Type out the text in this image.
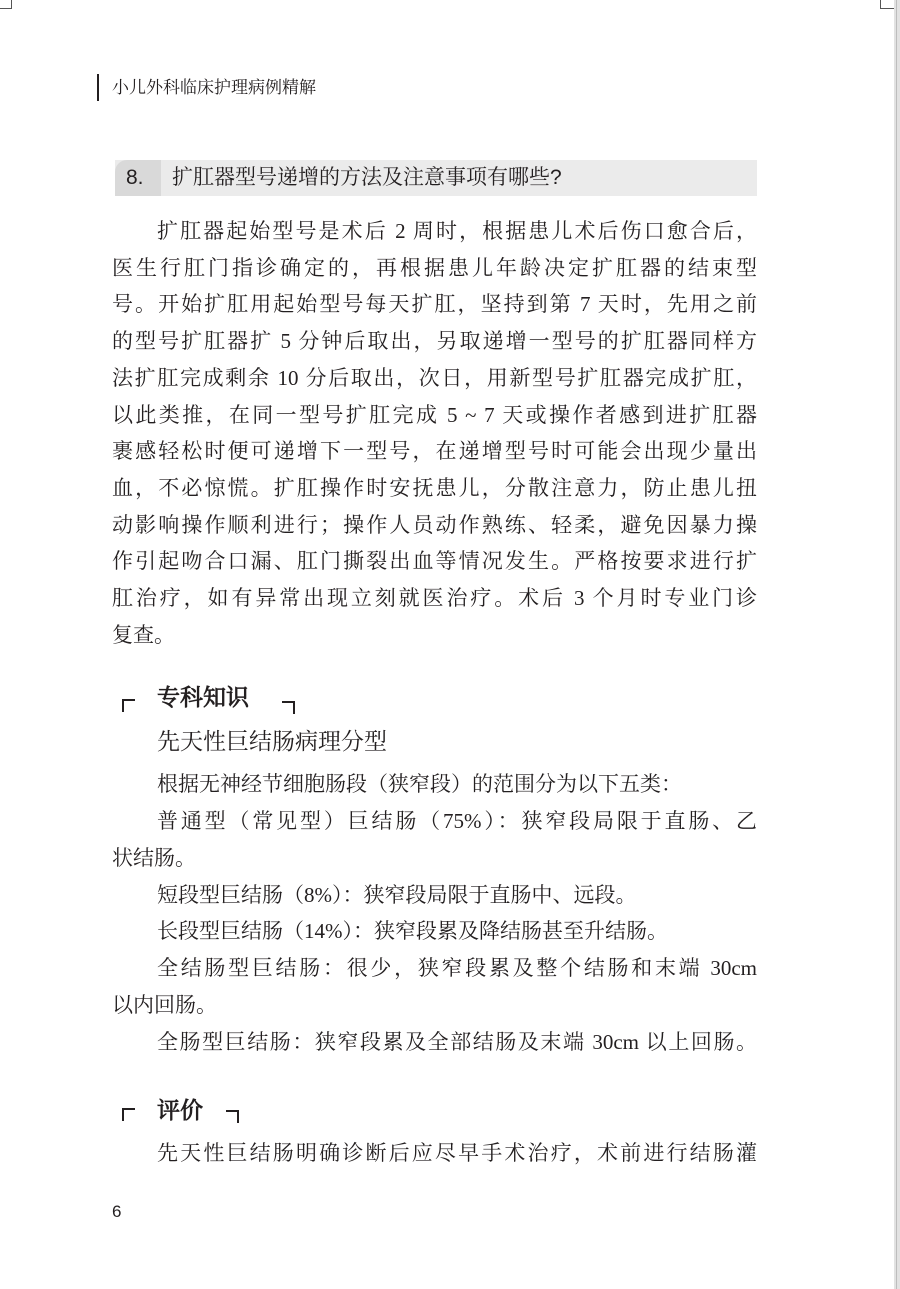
小儿外科临床护理病例精解
8. 扩肛器型号递增的方法及注意事项有哪些?
扩肛器起始型号是术后 2 周时，根据患儿术后伤口愈合后，
医生行肛门指诊确定的，再根据患儿年龄决定扩肛器的结束型
号。开始扩肛用起始型号每天扩肛，坚持到第 7 天时，先用之前
的型号扩肛器扩 5 分钟后取出，另取递增一型号的扩肛器同样方
法扩肛完成剩余 10 分后取出，次日，用新型号扩肛器完成扩肛，
以此类推，在同一型号扩肛完成 5 ~ 7 天或操作者感到进扩肛器
裹感轻松时便可递增下一型号，在递增型号时可能会出现少量出
血，不必惊慌。扩肛操作时安抚患儿，分散注意力，防止患儿扭
动影响操作顺利进行；操作人员动作熟练、轻柔，避免因暴力操
作引起吻合口漏、肛门撕裂出血等情况发生。严格按要求进行扩
肛治疗，如有异常出现立刻就医治疗。术后 3 个月时专业门诊
复查。
专科知识
先天性巨结肠病理分型
根据无神经节细胞肠段（狭窄段）的范围分为以下五类：
普通型（常见型）巨结肠（75%）：狭窄段局限于直肠、乙
状结肠。
短段型巨结肠（8%）：狭窄段局限于直肠中、远段。
长段型巨结肠（14%）：狭窄段累及降结肠甚至升结肠。
全结肠型巨结肠：很少，狭窄段累及整个结肠和末端 30cm
以内回肠。
全肠型巨结肠：狭窄段累及全部结肠及末端 30cm 以上回肠。
评价
先天性巨结肠明确诊断后应尽早手术治疗，术前进行结肠灌
6
